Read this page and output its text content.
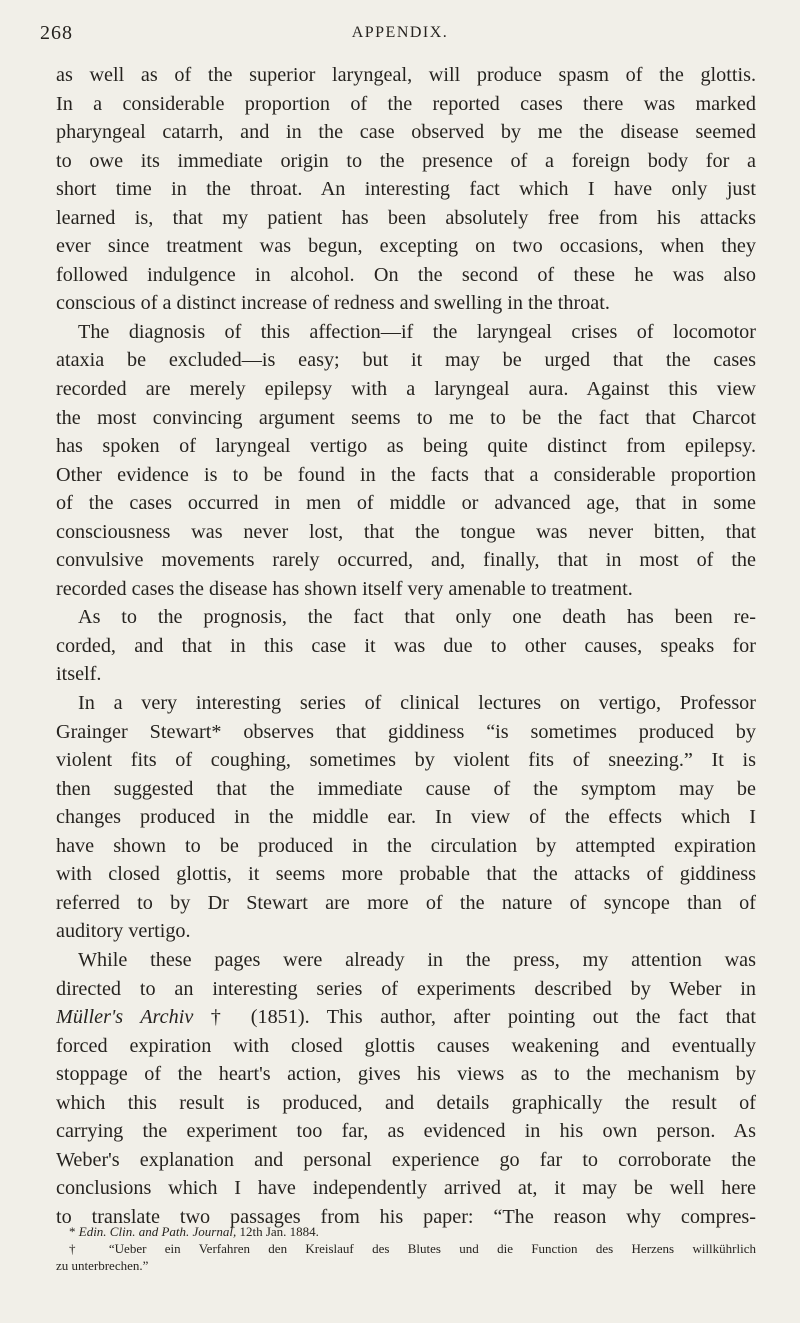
268	APPENDIX.
as well as of the superior laryngeal, will produce spasm of the glottis.
In a considerable proportion of the reported cases there was marked
pharyngeal catarrh, and in the case observed by me the disease seemed
to owe its immediate origin to the presence of a foreign body for a
short time in the throat. An interesting fact which I have only just
learned is, that my patient has been absolutely free from his attacks
ever since treatment was begun, excepting on two occasions, when they
followed indulgence in alcohol. On the second of these he was also
conscious of a distinct increase of redness and swelling in the throat.
The diagnosis of this affection—if the laryngeal crises of locomotor
ataxia be excluded—is easy; but it may be urged that the cases
recorded are merely epilepsy with a laryngeal aura. Against this view
the most convincing argument seems to me to be the fact that Charcot
has spoken of laryngeal vertigo as being quite distinct from epilepsy.
Other evidence is to be found in the facts that a considerable proportion
of the cases occurred in men of middle or advanced age, that in some
consciousness was never lost, that the tongue was never bitten, that
convulsive movements rarely occurred, and, finally, that in most of the
recorded cases the disease has shown itself very amenable to treatment.
As to the prognosis, the fact that only one death has been re-
corded, and that in this case it was due to other causes, speaks for
itself.
In a very interesting series of clinical lectures on vertigo, Professor
Grainger Stewart* observes that giddiness “is sometimes produced by
violent fits of coughing, sometimes by violent fits of sneezing.” It is
then suggested that the immediate cause of the symptom may be
changes produced in the middle ear. In view of the effects which I
have shown to be produced in the circulation by attempted expiration
with closed glottis, it seems more probable that the attacks of giddiness
referred to by Dr Stewart are more of the nature of syncope than of
auditory vertigo.
While these pages were already in the press, my attention was
directed to an interesting series of experiments described by Weber in
Müller's Archiv † (1851). This author, after pointing out the fact that
forced expiration with closed glottis causes weakening and eventually
stoppage of the heart's action, gives his views as to the mechanism by
which this result is produced, and details graphically the result of
carrying the experiment too far, as evidenced in his own person. As
Weber's explanation and personal experience go far to corroborate the
conclusions which I have independently arrived at, it may be well here
to translate two passages from his paper: “The reason why compres-
* Edin. Clin. and Path. Journal, 12th Jan. 1884.
† “Ueber ein Verfahren den Kreislauf des Blutes und die Function des Herzens willkührlich
zu unterbrechen.”
